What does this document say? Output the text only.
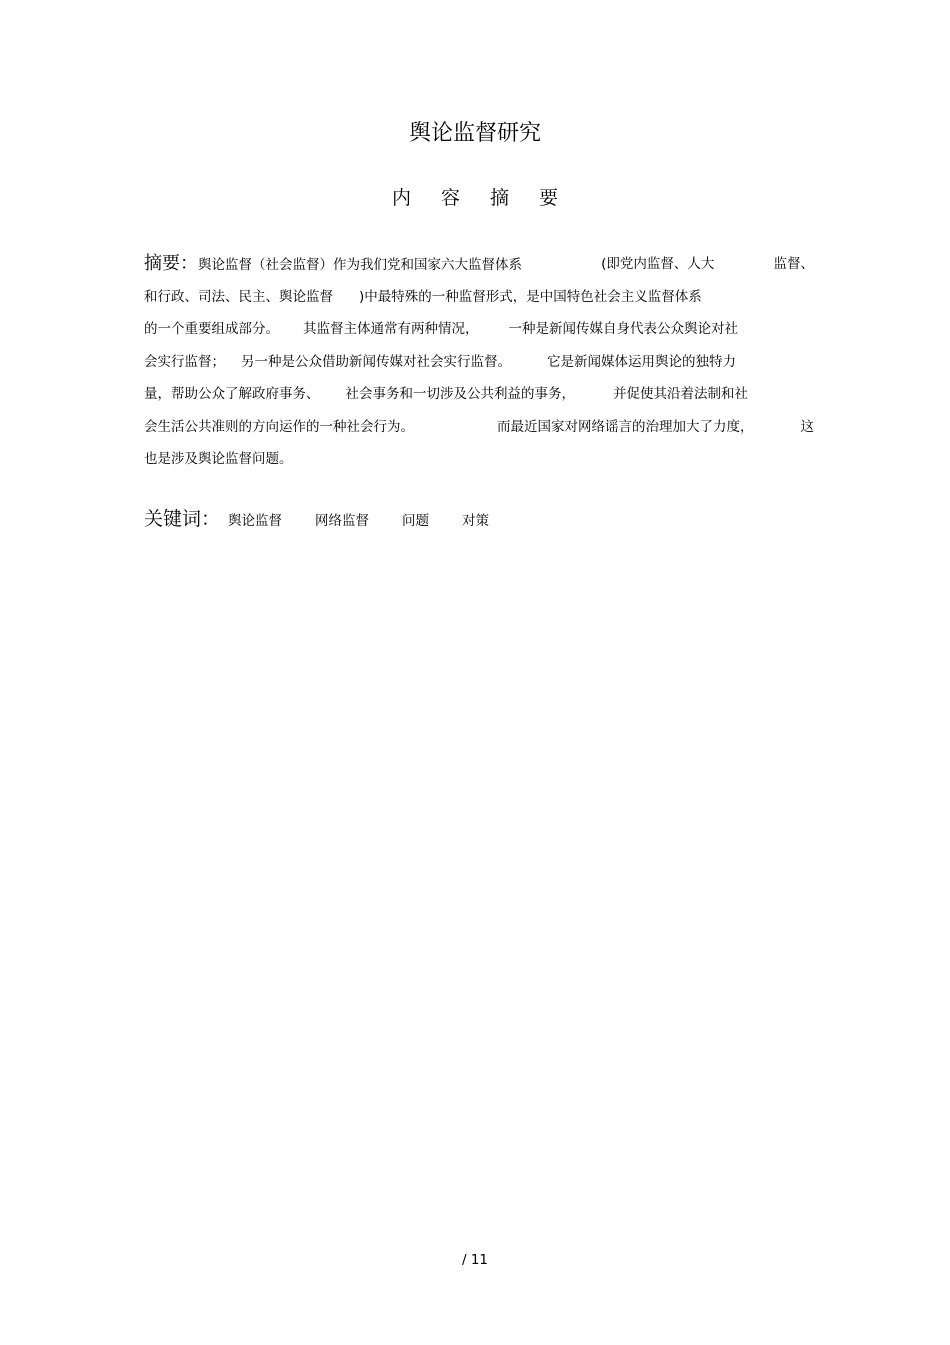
舆论监督研究
内 容 摘 要
摘要：舆论监督（社会监督）作为我们党和国家六大监督体系	(即党内监督、人大	监督、
和行政、司法、民主、舆论监督 )中最特殊的一种监督形式，是中国特色社会主义监督体系
的一个重要组成部分。 其监督主体通常有两种情况， 一种是新闻传媒自身代表公众舆论对社
会实行监督； 另一种是公众借助新闻传媒对社会实行监督。	它是新闻媒体运用舆论的独特力
量，帮助公众了解政府事务、 社会事务和一切涉及公共利益的事务，	并促使其沿着法制和社
会生活公共准则的方向运作的一种社会行为。	而最近国家对网络谣言的治理加大了力度，	这
也是涉及舆论监督问题。
关键词： 舆论监督 网络监督 问题 对策
/ 11
